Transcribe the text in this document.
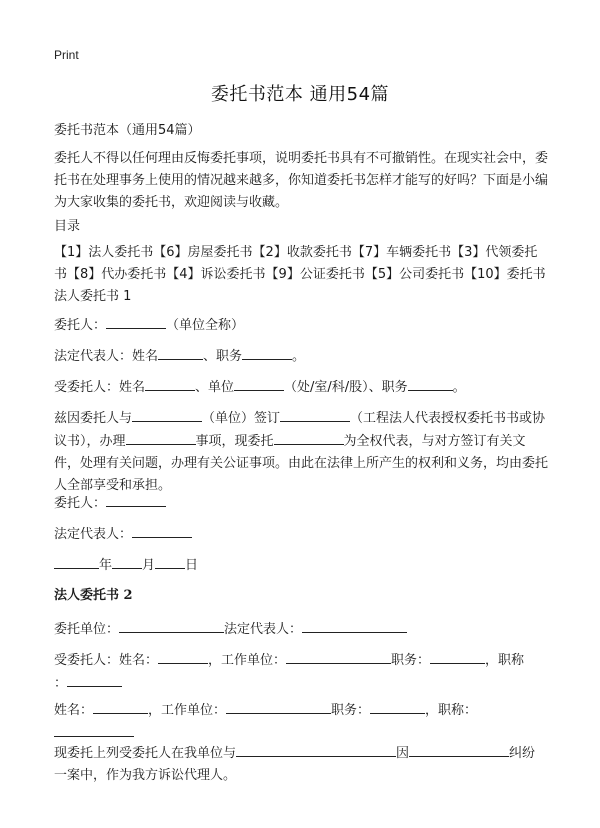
Print
委托书范本 通用54篇
委托书范本（通用54篇）
委托人不得以任何理由反悔委托事项，说明委托书具有不可撤销性。在现实社会中，委托书在处理事务上使用的情况越来越多，你知道委托书怎样才能写的好吗？下面是小编为大家收集的委托书，欢迎阅读与收藏。
目录
【1】法人委托书【6】房屋委托书【2】收款委托书【7】车辆委托书【3】代领委托书【8】代办委托书【4】诉讼委托书【9】公证委托书【5】公司委托书【10】委托书法人委托书 1
委托人：	（单位全称）
法定代表人：姓名	、职务	。
受委托人：姓名	、单位	（处/室/科/股）、职务	。
兹因委托人与	（单位）签订	（工程法人代表授权委托书书或协议书），办理	事项，现委托	为全权代表，与对方签订有关文件，处理有关问题，办理有关公证事项。由此在法律上所产生的权利和义务，均由委托人全部享受和承担。
委托人：
法定代表人：
年 月 日
法人委托书 2
委托单位：	法定代表人：
受委托人：姓名：	，工作单位：	职务：	，职称
：
姓名：	，工作单位：	职务：	，职称：

现委托上列受委托人在我单位与	因	纠纷一案中，作为我方诉讼代理人。
